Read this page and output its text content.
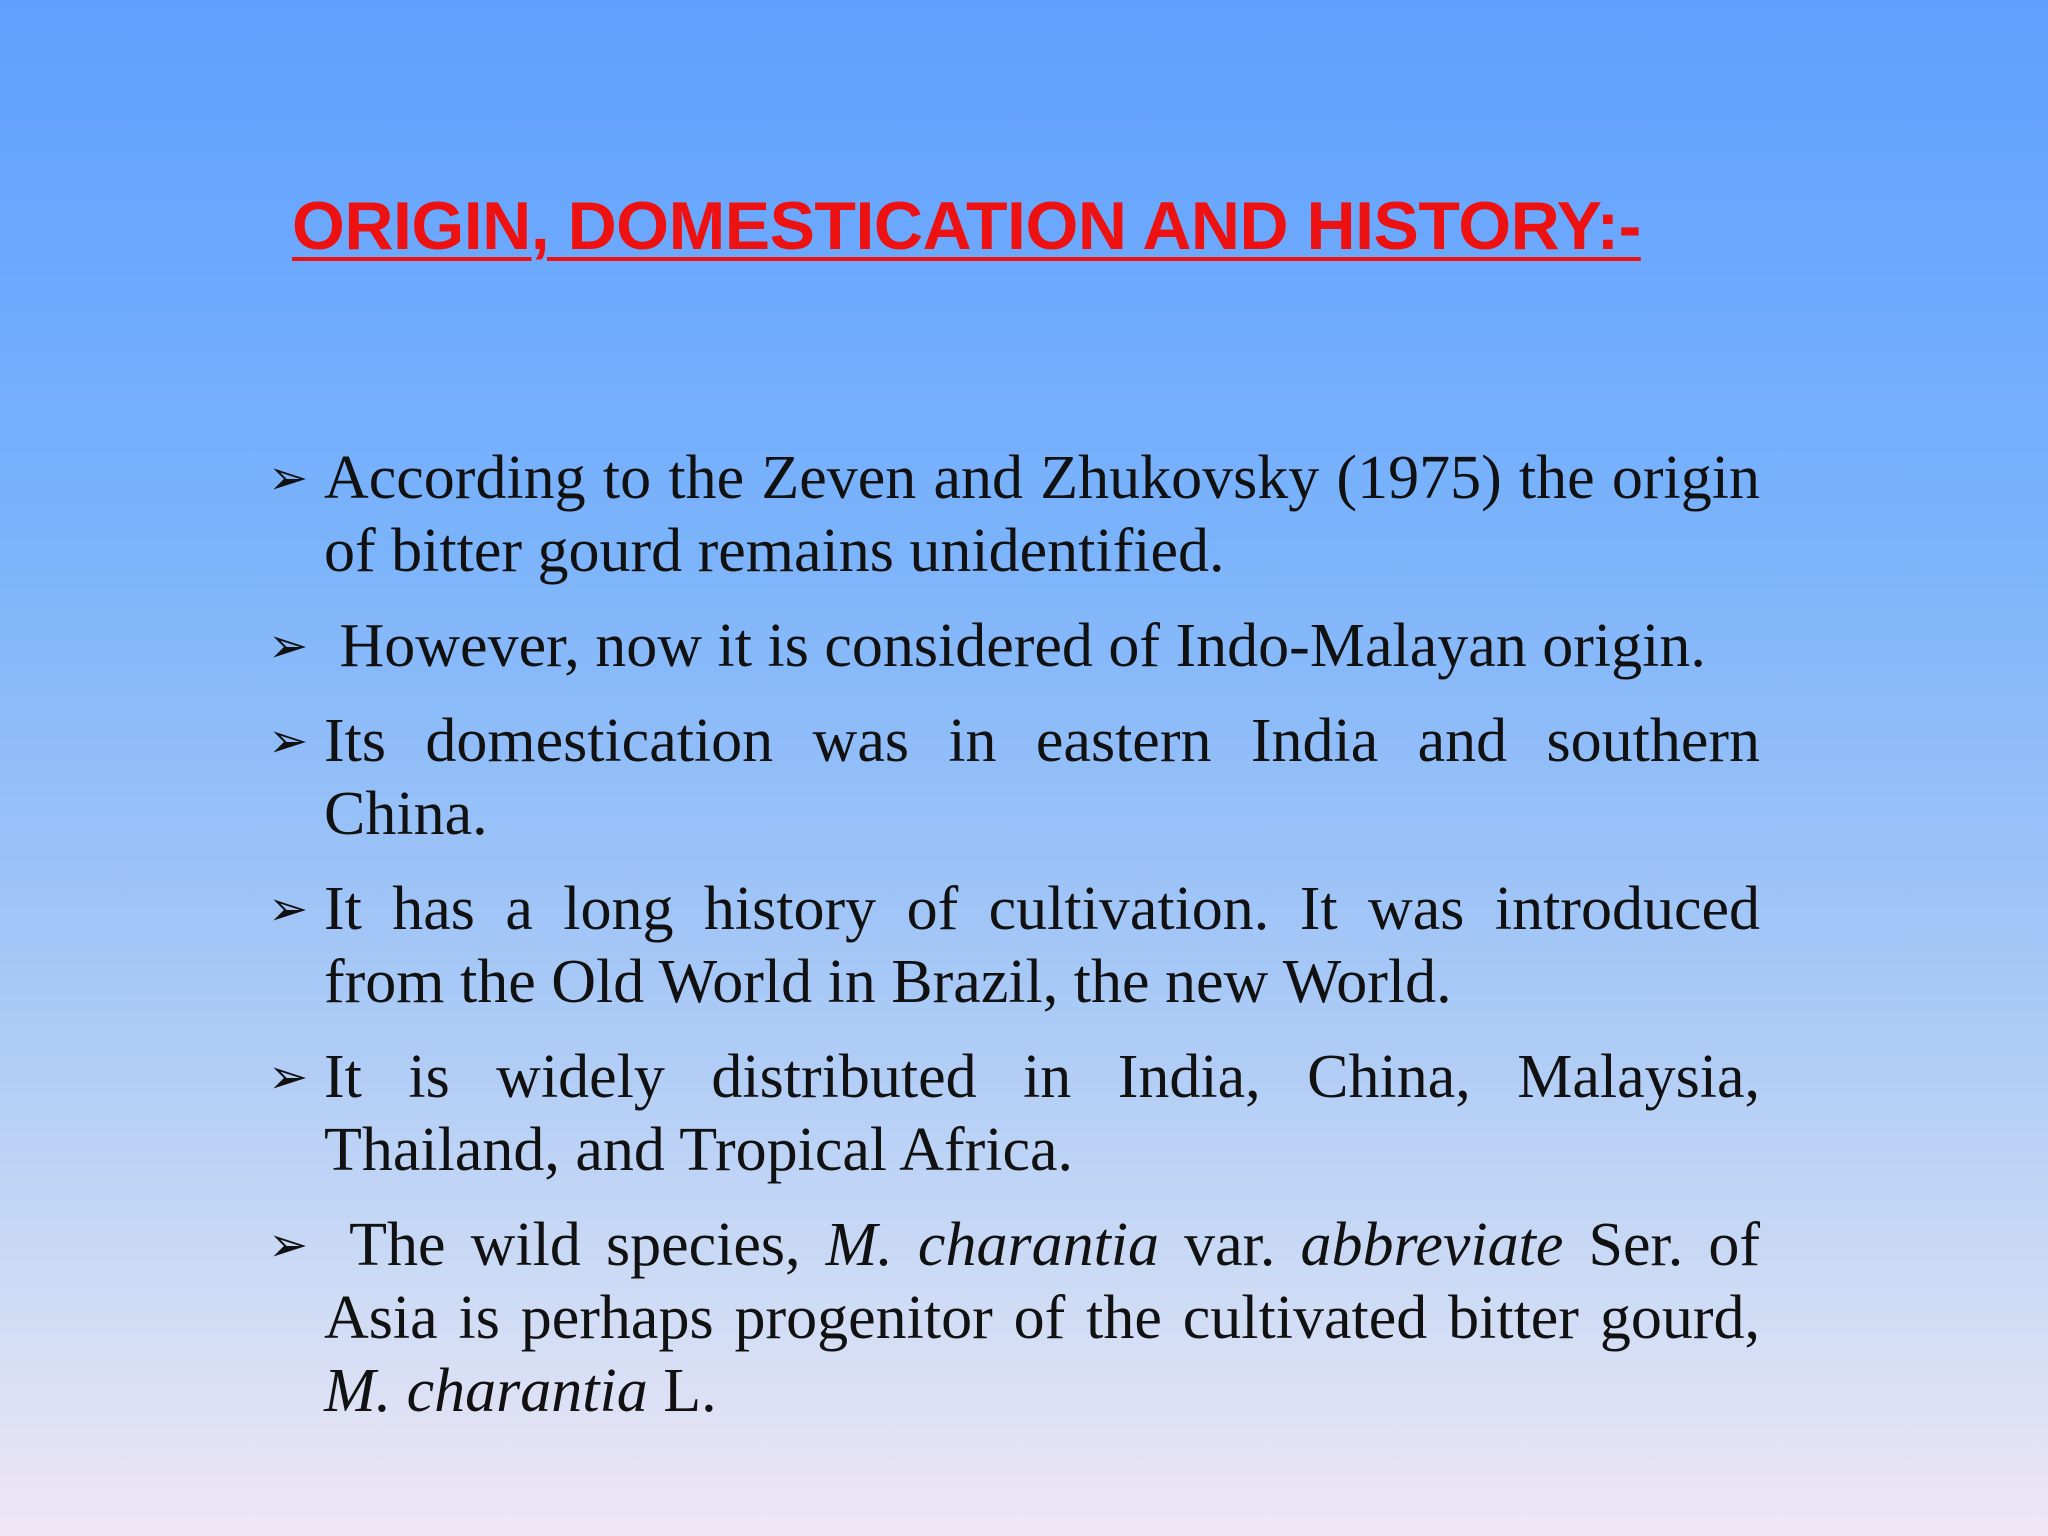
ORIGIN, DOMESTICATION AND HISTORY:-
➢ According to the Zeven and Zhukovsky (1975) the origin of bitter gourd remains unidentified.
➢ However, now it is considered of Indo-Malayan origin.
➢ Its domestication was in eastern India and southern China.
➢ It has a long history of cultivation. It was introduced from the Old World in Brazil, the new World.
➢ It is widely distributed in India, China, Malaysia, Thailand, and Tropical Africa.
➢ The wild species, M. charantia var. abbreviate Ser. of Asia is perhaps progenitor of the cultivated bitter gourd, M. charantia L.
